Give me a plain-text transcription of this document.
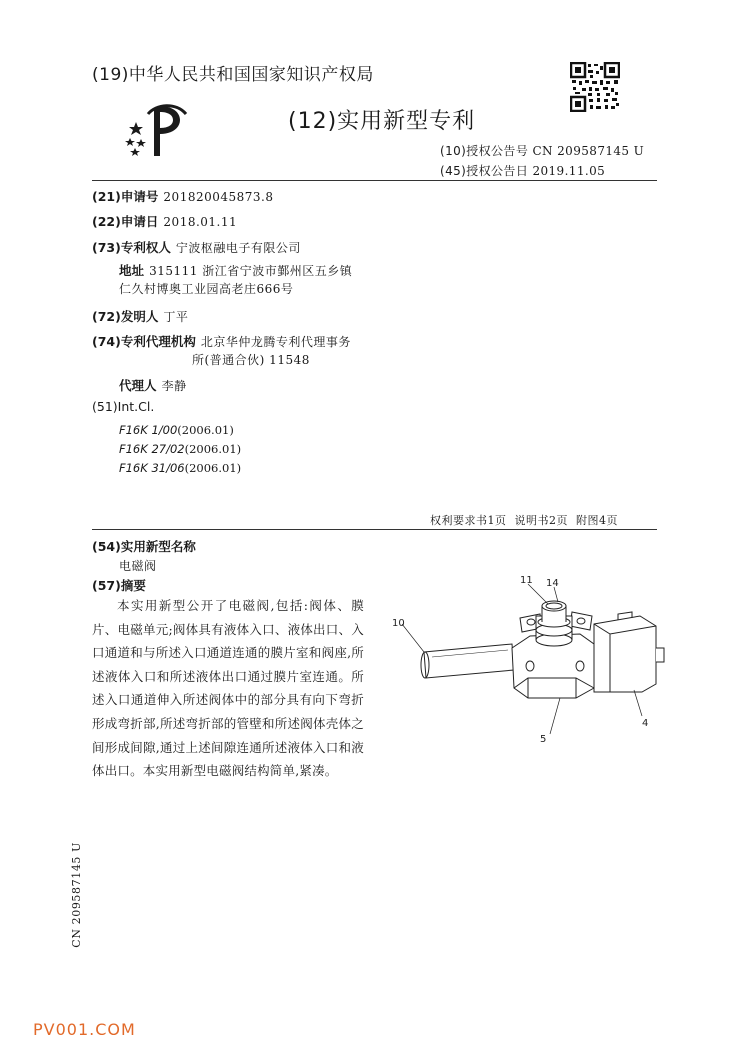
(19)中华人民共和国国家知识产权局
(12)实用新型专利
(10)授权公告号 CN 209587145 U
(45)授权公告日 2019.11.05
(21)申请号 201820045873.8
(22)申请日 2018.01.11
(73)专利权人 宁波枢融电子有限公司
地址 315111 浙江省宁波市鄞州区五乡镇
仁久村博奥工业园高老庄666号
(72)发明人 丁平
(74)专利代理机构 北京华仲龙腾专利代理事务
所(普通合伙) 11548
代理人 李静
(51)Int.Cl.
F16K 1/00(2006.01)
F16K 27/02(2006.01)
F16K 31/06(2006.01)
权利要求书1页  说明书2页  附图4页
(54)实用新型名称
电磁阀
(57)摘要
本实用新型公开了电磁阀,包括:阀体、膜片、电磁单元;阀体具有液体入口、液体出口、入口通道和与所述入口通道连通的膜片室和阀座,所述液体入口和所述液体出口通过膜片室连通。所述入口通道伸入所述阀体中的部分具有向下弯折形成弯折部,所述弯折部的管壁和所述阀体壳体之间形成间隙,通过上述间隙连通所述液体入口和液体出口。本实用新型电磁阀结构简单,紧凑。
10
11 14
5
4
CN 209587145 U
PV001.COM
